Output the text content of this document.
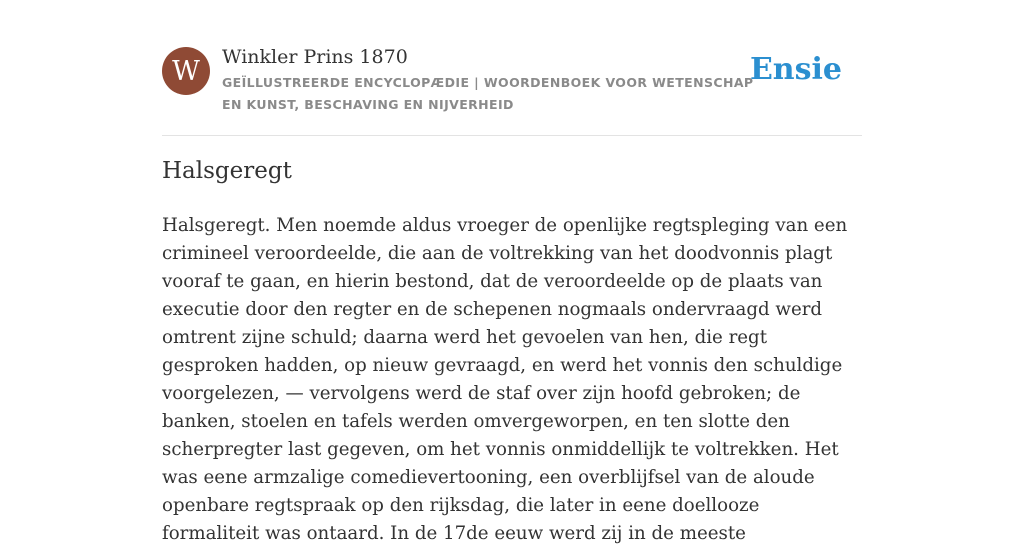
W	Winkler Prins 1870
GEÏLLUSTREERDE ENCYCLOPÆDIE | WOORDENBOEK VOOR WETENSCHAP EN KUNST, BESCHAVING EN NIJVERHEID
Ensie
Halsgeregt

Halsgeregt. Men noemde aldus vroeger de openlijke regtspleging van een crimineel veroordeelde, die aan de voltrekking van het doodvonnis plagt vooraf te gaan, en hierin bestond, dat de veroordeelde op de plaats van executie door den regter en de schepenen nogmaals ondervraagd werd omtrent zijne schuld; daarna werd het gevoelen van hen, die regt gesproken hadden, op nieuw gevraagd, en werd het vonnis den schuldige voorgelezen, — vervolgens werd de staf over zijn hoofd gebroken; de banken, stoelen en tafels werden omvergeworpen, en ten slotte den scherpregter last gegeven, om het vonnis onmiddellijk te voltrekken. Het was eene armzalige comedievertooning, een overblijfsel van de aloude openbare regtspraak op den rijksdag, die later in eene doellooze formaliteit was ontaard. In de 17de eeuw werd zij in de meeste
